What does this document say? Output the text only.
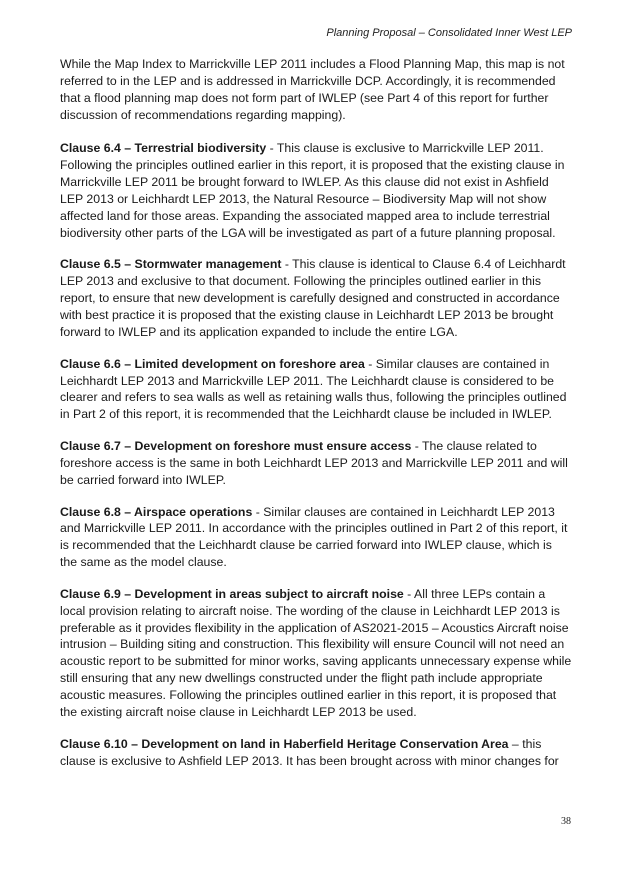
Planning Proposal – Consolidated Inner West LEP

While the Map Index to Marrickville LEP 2011 includes a Flood Planning Map, this map is not referred to in the LEP and is addressed in Marrickville DCP. Accordingly, it is recommended that a flood planning map does not form part of IWLEP (see Part 4 of this report for further discussion of recommendations regarding mapping).

Clause 6.4 – Terrestrial biodiversity - This clause is exclusive to Marrickville LEP 2011. Following the principles outlined earlier in this report, it is proposed that the existing clause in Marrickville LEP 2011 be brought forward to IWLEP. As this clause did not exist in Ashfield LEP 2013 or Leichhardt LEP 2013, the Natural Resource – Biodiversity Map will not show affected land for those areas. Expanding the associated mapped area to include terrestrial biodiversity other parts of the LGA will be investigated as part of a future planning proposal.

Clause 6.5 – Stormwater management - This clause is identical to Clause 6.4 of Leichhardt LEP 2013 and exclusive to that document. Following the principles outlined earlier in this report, to ensure that new development is carefully designed and constructed in accordance with best practice it is proposed that the existing clause in Leichhardt LEP 2013 be brought forward to IWLEP and its application expanded to include the entire LGA.

Clause 6.6 – Limited development on foreshore area - Similar clauses are contained in Leichhardt LEP 2013 and Marrickville LEP 2011. The Leichhardt clause is considered to be clearer and refers to sea walls as well as retaining walls thus, following the principles outlined in Part 2 of this report, it is recommended that the Leichhardt clause be included in IWLEP.

Clause 6.7 – Development on foreshore must ensure access - The clause related to foreshore access is the same in both Leichhardt LEP 2013 and Marrickville LEP 2011 and will be carried forward into IWLEP.

Clause 6.8 – Airspace operations - Similar clauses are contained in Leichhardt LEP 2013 and Marrickville LEP 2011. In accordance with the principles outlined in Part 2 of this report, it is recommended that the Leichhardt clause be carried forward into IWLEP clause, which is the same as the model clause.

Clause 6.9 – Development in areas subject to aircraft noise - All three LEPs contain a local provision relating to aircraft noise. The wording of the clause in Leichhardt LEP 2013 is preferable as it provides flexibility in the application of AS2021-2015 – Acoustics Aircraft noise intrusion – Building siting and construction. This flexibility will ensure Council will not need an acoustic report to be submitted for minor works, saving applicants unnecessary expense while still ensuring that any new dwellings constructed under the flight path include appropriate acoustic measures. Following the principles outlined earlier in this report, it is proposed that the existing aircraft noise clause in Leichhardt LEP 2013 be used.

Clause 6.10 – Development on land in Haberfield Heritage Conservation Area – this clause is exclusive to Ashfield LEP 2013. It has been brought across with minor changes for

38
